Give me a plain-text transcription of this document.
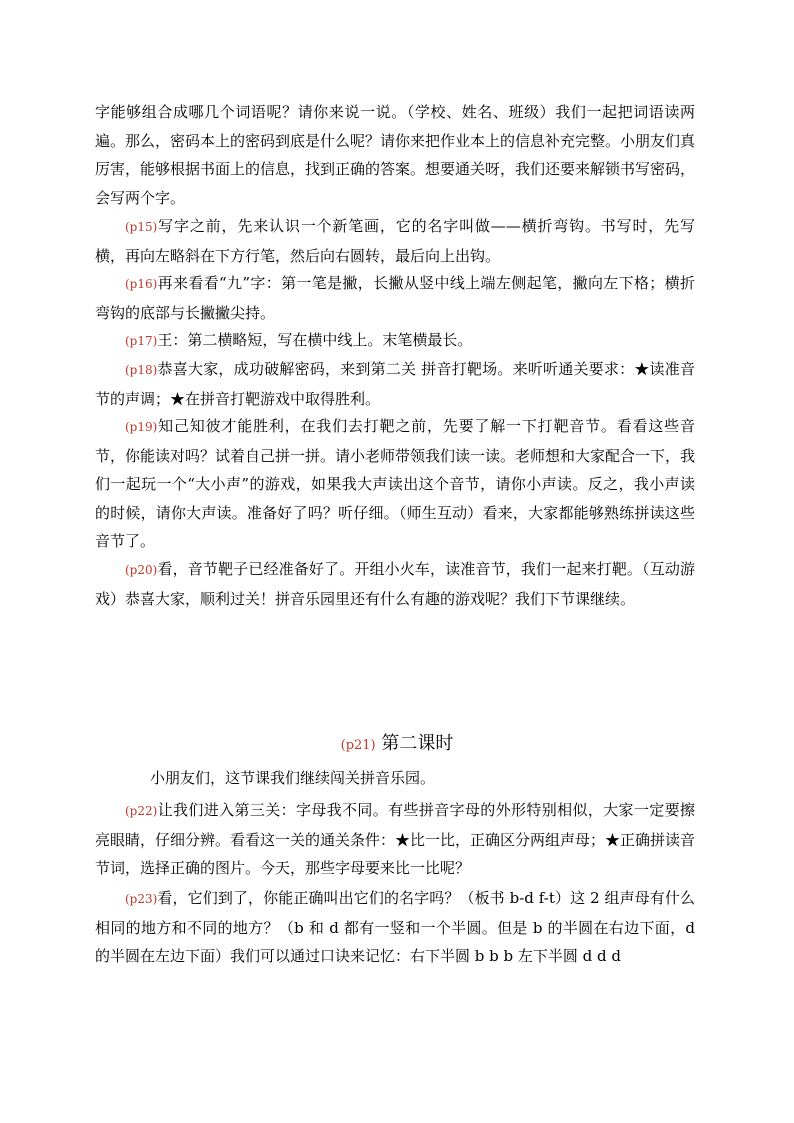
字能够组合成哪几个词语呢？请你来说一说。（学校、姓名、班级）我们一起把词语读两遍。那么，密码本上的密码到底是什么呢？请你来把作业本上的信息补充完整。小朋友们真厉害，能够根据书面上的信息，找到正确的答案。想要通关呀，我们还要来解锁书写密码，会写两个字。

(p15)写字之前，先来认识一个新笔画，它的名字叫做——横折弯钩。书写时，先写横，再向左略斜在下方行笔，然后向右圆转，最后向上出钩。

(p16)再来看看“九”字：第一笔是撇，长撇从竖中线上端左侧起笔，撇向左下格；横折弯钩的底部与长撇撇尖持。

(p17)王：第二横略短，写在横中线上。末笔横最长。

(p18)恭喜大家，成功破解密码，来到第二关 拼音打靶场。来听听通关要求：★读准音节的声调；★在拼音打靶游戏中取得胜利。

(p19)知己知彼才能胜利，在我们去打靶之前，先要了解一下打靶音节。看看这些音节，你能读对吗？试着自己拼一拼。请小老师带领我们读一读。老师想和大家配合一下，我们一起玩一个“大小声”的游戏，如果我大声读出这个音节，请你小声读。反之，我小声读的时候，请你大声读。准备好了吗？听仔细。（师生互动）看来，大家都能够熟练拼读这些音节了。

(p20)看，音节靶子已经准备好了。开组小火车，读准音节，我们一起来打靶。（互动游戏）恭喜大家，顺利过关！拼音乐园里还有什么有趣的游戏呢？我们下节课继续。

(p21) 第二课时

小朋友们，这节课我们继续闯关拼音乐园。

(p22)让我们进入第三关：字母我不同。有些拼音字母的外形特别相似，大家一定要擦亮眼睛，仔细分辨。看看这一关的通关条件：★比一比，正确区分两组声母；★正确拼读音节词，选择正确的图片。今天，那些字母要来比一比呢？

(p23)看，它们到了，你能正确叫出它们的名字吗？（板书 b-d f-t）这 2 组声母有什么相同的地方和不同的地方？（b 和 d 都有一竖和一个半圆。但是 b 的半圆在右边下面，d 的半圆在左边下面）我们可以通过口诀来记忆：右下半圆 b b b 左下半圆 d d d
